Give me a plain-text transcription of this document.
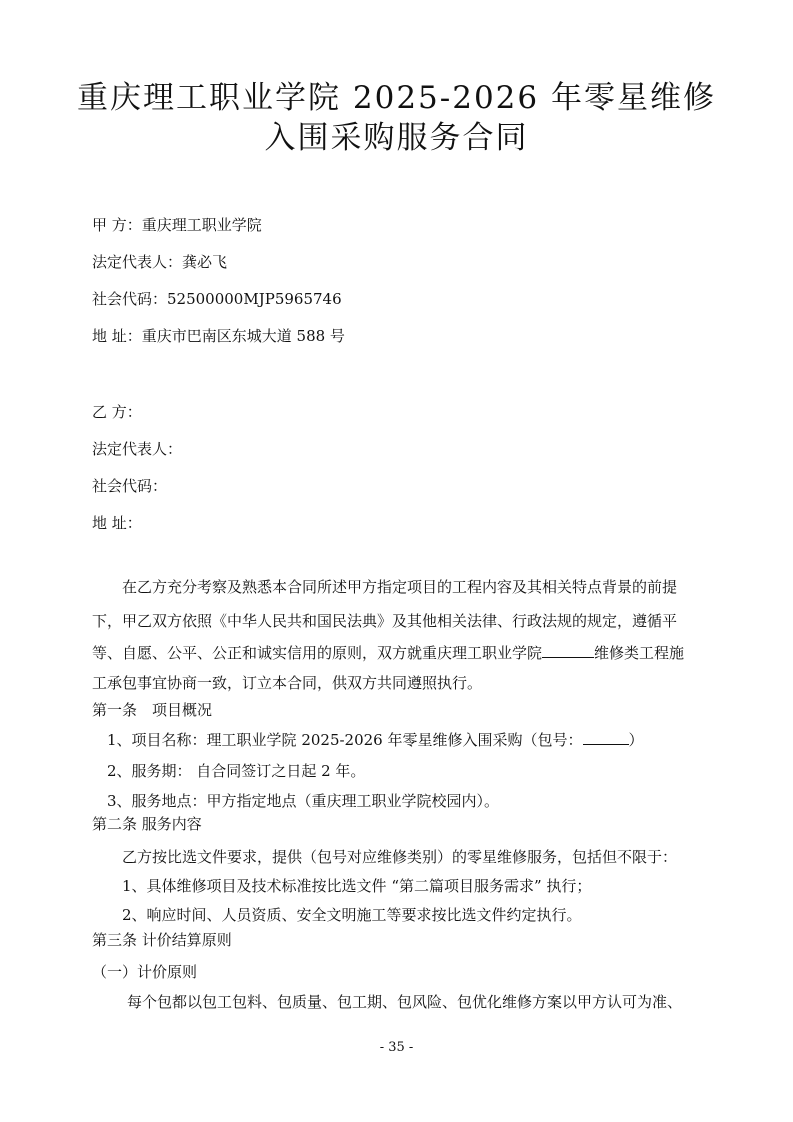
重庆理工职业学院 2025-2026 年零星维修
入围采购服务合同
甲 方：重庆理工职业学院
法定代表人：龚必飞
社会代码：52500000MJP5965746
地 址：重庆市巴南区东城大道 588 号
乙 方：
法定代表人：
社会代码：
地 址：
在乙方充分考察及熟悉本合同所述甲方指定项目的工程内容及其相关特点背景的前提
下，甲乙双方依照《中华人民共和国民法典》及其他相关法律、行政法规的规定，遵循平
等、自愿、公平、公正和诚实信用的原则，双方就重庆理工职业学院	维修类工程施
工承包事宜协商一致，订立本合同，供双方共同遵照执行。
第一条　项目概况
1、项目名称：理工职业学院 2025-2026 年零星维修入围采购（包号：	）
2、服务期： 自合同签订之日起 2 年。
3、服务地点：甲方指定地点（重庆理工职业学院校园内）。
第二条 服务内容
乙方按比选文件要求，提供（包号对应维修类别）的零星维修服务，包括但不限于：
1、具体维修项目及技术标准按比选文件 “第二篇项目服务需求” 执行；
2、响应时间、人员资质、安全文明施工等要求按比选文件约定执行。
第三条 计价结算原则
（一）计价原则
每个包都以包工包料、包质量、包工期、包风险、包优化维修方案以甲方认可为准、
- 35 -
